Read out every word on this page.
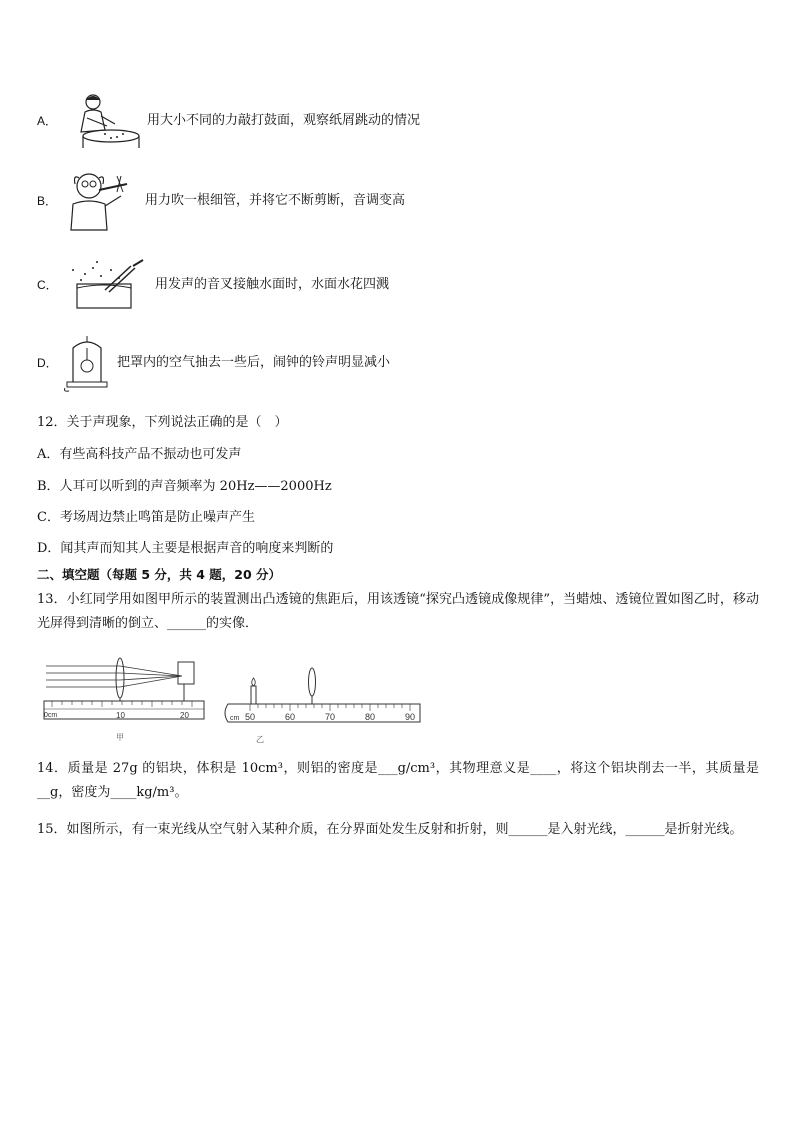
A．	用大小不同的力敲打鼓面，观察纸屑跳动的情况
B．	用力吹一根细管，并将它不断剪断，音调变高
C．	用发声的音叉接触水面时，水面水花四溅
D．	把罩内的空气抽去一些后，闹钟的铃声明显减小
12．关于声现象，下列说法正确的是（　）
A．有些高科技产品不振动也可发声
B．人耳可以听到的声音频率为 20Hz——2000Hz
C．考场周边禁止鸣笛是防止噪声产生
D．闻其声而知其人主要是根据声音的响度来判断的
二、填空题（每题 5 分，共 4 题，20 分）
13．小红同学用如图甲所示的装置测出凸透镜的焦距后，用该透镜“探究凸透镜成像规律”，当蜡烛、透镜位置如图乙时，移动光屏得到清晰的倒立、______的实像．
0cm	10	20
甲
cm 50	60	70	80	90
乙
14．质量是 27g 的铝块，体积是 10cm³，则铝的密度是___g/cm³，其物理意义是____，将这个铝块削去一半，其质量是__g，密度为____kg/m³。
15．如图所示，有一束光线从空气射入某种介质，在分界面处发生反射和折射，则______是入射光线，______是折射光线。
